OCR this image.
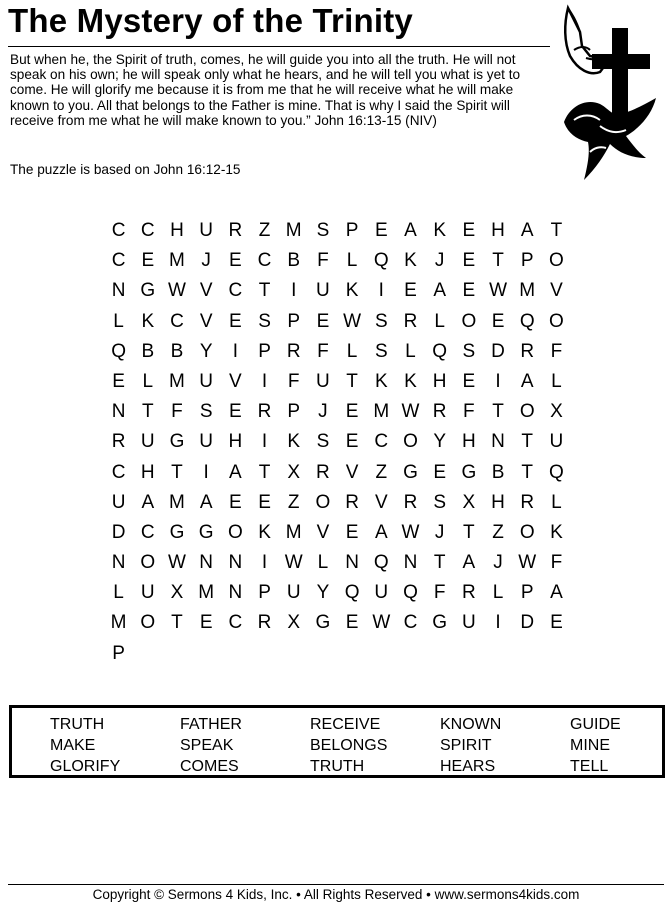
The Mystery of the Trinity
But when he, the Spirit of truth, comes, he will guide you into all the truth. He will not speak on his own; he will speak only what he hears, and he will tell you what is yet to come. He will glorify me because it is from me that he will receive what he will make known to you. All that belongs to the Father is mine. That is why I said the Spirit will receive from me what he will make known to you.” John 16:13-15 (NIV)
The puzzle is based on John 16:12-15
C C H U R Z M S P E A K E H A T
C E M J E C B F L Q K J E T P O
N G W V C T	I	U K	I	E A E W M V
L K C V E S P E W S R L O E Q O
Q B B Y	I	P R F L S L Q S D R F
E L M U V	I	F U T K K H E	I	A L
N T F S E R P J E M W R F T O X
R U G U H	I	K S E C O Y H N T U
C H T	I	A T X R V Z G E G B T Q
U A M A E E Z O R V R S X H R L
D C G G O K M V E A W J T Z O K
N O W N N	I W L N Q N T A J W F
L U X M N P U Y Q U Q F R L P A
M O T E C R X G E W C G U	I	D E
P
TRUTH	FATHER	RECEIVE	KNOWN	GUIDE
MAKE	SPEAK	BELONGS	SPIRIT	MINE
GLORIFY	COMES	TRUTH	HEARS	TELL
Copyright © Sermons 4 Kids, Inc. • All Rights Reserved • www.sermons4kids.com
